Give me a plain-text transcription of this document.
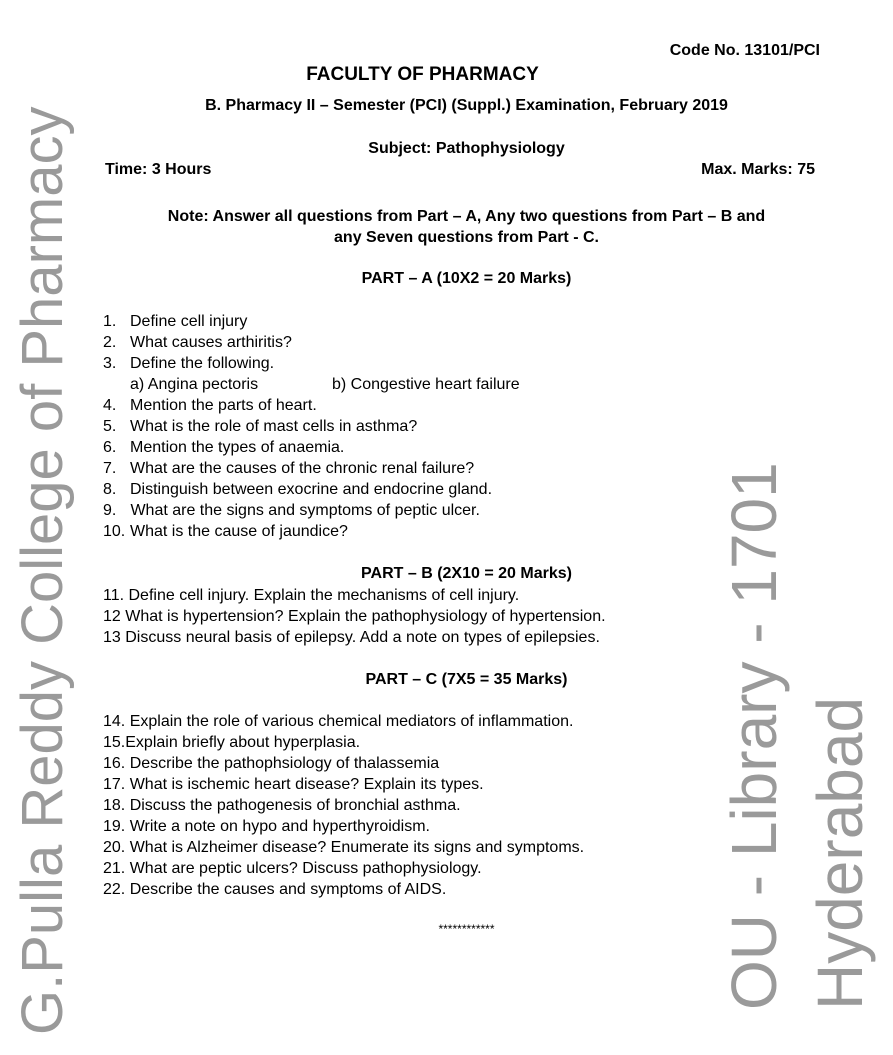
G.Pulla Reddy College of Pharmacy	OU - Library - 1701 Hyderabad
Code No. 13101/PCI
FACULTY OF PHARMACY
B. Pharmacy II – Semester (PCI) (Suppl.) Examination, February 2019
Subject: Pathophysiology
Time: 3 Hours	Max. Marks: 75
Note: Answer all questions from Part – A, Any two questions from Part – B and
any Seven questions from Part - C.
PART – A (10X2 = 20 Marks)
1. Define cell injury
2. What causes arthiritis?
3. Define the following.
a) Angina pectoris	b) Congestive heart failure
4. Mention the parts of heart.
5. What is the role of mast cells in asthma?
6. Mention the types of anaemia.
7. What are the causes of the chronic renal failure?
8. Distinguish between exocrine and endocrine gland.
9. What are the signs and symptoms of peptic ulcer.
10. What is the cause of jaundice?
PART – B (2X10 = 20 Marks)
11. Define cell injury. Explain the mechanisms of cell injury.
12 What is hypertension? Explain the pathophysiology of hypertension.
13 Discuss neural basis of epilepsy. Add a note on types of epilepsies.
PART – C (7X5 = 35 Marks)
14. Explain the role of various chemical mediators of inflammation.
15.Explain briefly about hyperplasia.
16. Describe the pathophsiology of thalassemia
17. What is ischemic heart disease? Explain its types.
18. Discuss the pathogenesis of bronchial asthma.
19. Write a note on hypo and hyperthyroidism.
20. What is Alzheimer disease? Enumerate its signs and symptoms.
21. What are peptic ulcers? Discuss pathophysiology.
22. Describe the causes and symptoms of AIDS.
************
